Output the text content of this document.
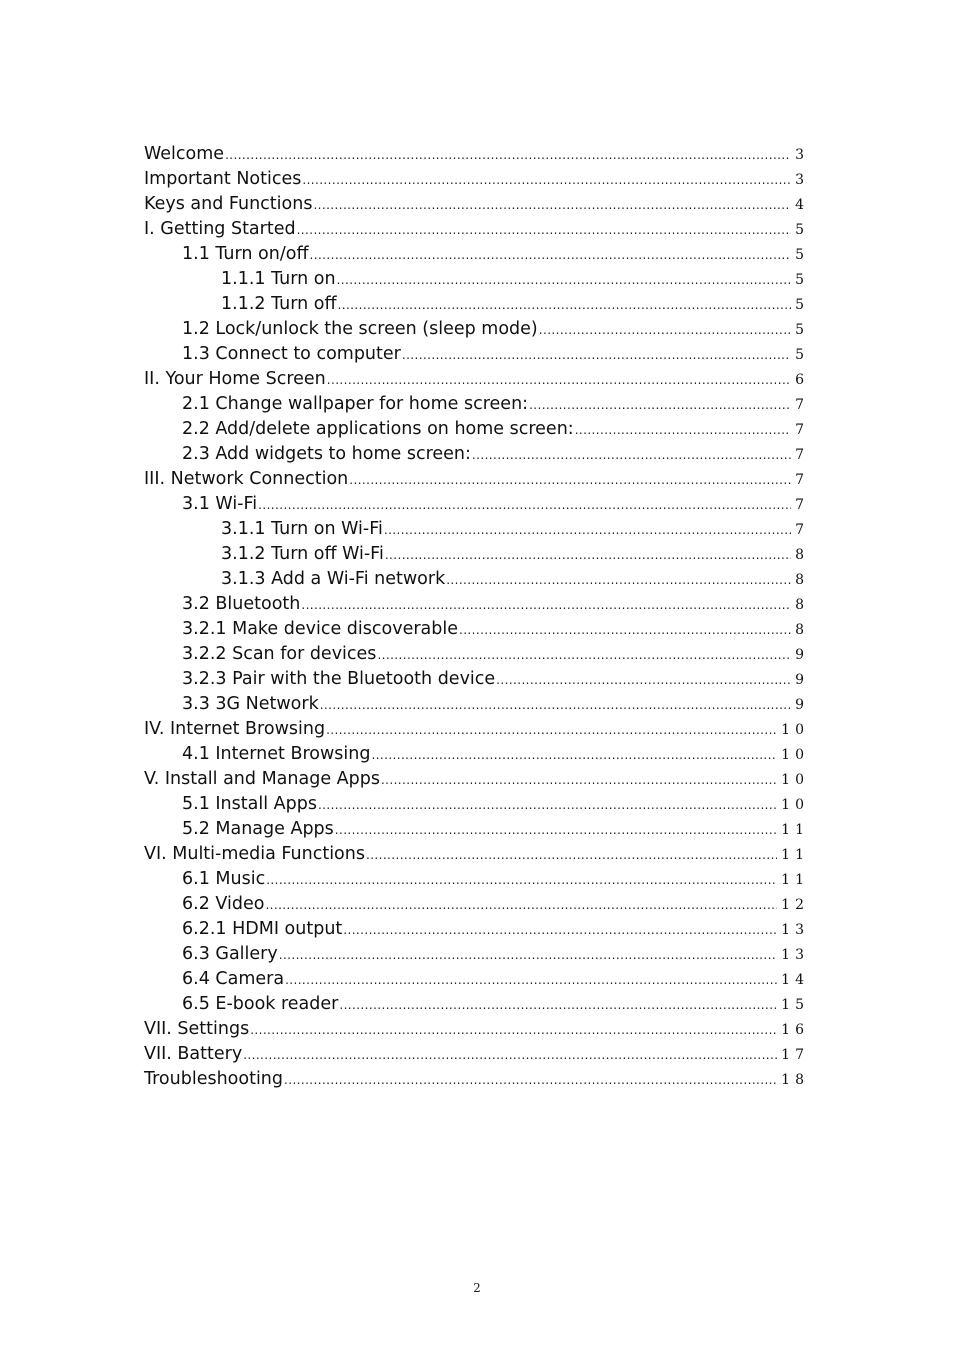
Welcome .....	3
Important Notices .....	3
Keys and Functions .....	4
I. Getting Started .....	5
1.1 Turn on/off .....	5
1.1.1 Turn on .....	5
1.1.2 Turn off .....	5
1.2 Lock/unlock the screen (sleep mode) .....	5
1.3 Connect to computer .....	5
II. Your Home Screen .....	6
2.1 Change wallpaper for home screen: .....	7
2.2 Add/delete applications on home screen: .....	7
2.3 Add widgets to home screen: .....	7
III. Network Connection .....	7
3.1 Wi-Fi .....	7
3.1.1 Turn on Wi-Fi .....	7
3.1.2 Turn off Wi-Fi .....	8
3.1.3 Add a Wi-Fi network .....	8
3.2 Bluetooth .....	8
3.2.1 Make device discoverable .....	8
3.2.2 Scan for devices .....	9
3.2.3 Pair with the Bluetooth device .....	9
3.3 3G Network .....	9
IV. Internet Browsing .....	10
4.1 Internet Browsing .....	10
V. Install and Manage Apps .....	10
5.1 Install Apps .....	10
5.2 Manage Apps .....	11
VI. Multi-media Functions .....	11
6.1 Music .....	11
6.2 Video .....	12
6.2.1 HDMI output .....	13
6.3 Gallery .....	13
6.4 Camera .....	14
6.5 E-book reader .....	15
VII. Settings .....	16
VII. Battery .....	17
Troubleshooting .....	18
2
